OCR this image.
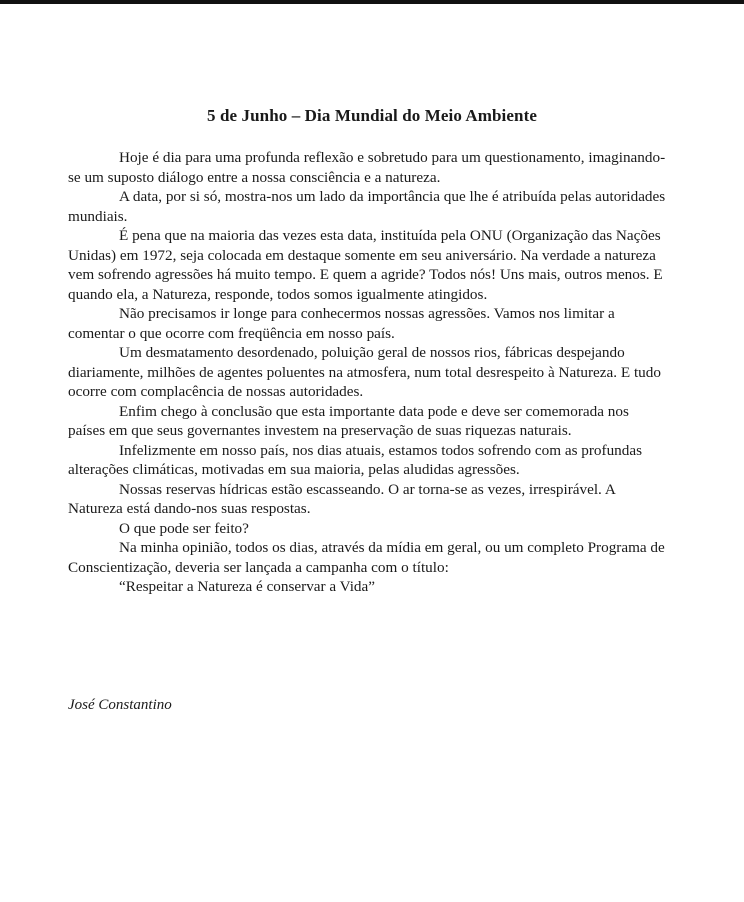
5 de Junho – Dia Mundial do Meio Ambiente

Hoje é dia para uma profunda reflexão e sobretudo para um questionamento, imaginando-se um suposto diálogo entre a nossa consciência e a natureza.

A data, por si só, mostra-nos um lado da importância que lhe é atribuída pelas autoridades mundiais.

É pena que na maioria das vezes esta data, instituída pela ONU (Organização das Nações Unidas) em 1972, seja colocada em destaque somente em seu aniversário. Na verdade a natureza vem sofrendo agressões há muito tempo. E quem a agride? Todos nós! Uns mais, outros menos. E quando ela, a Natureza, responde, todos somos igualmente atingidos.

Não precisamos ir longe para conhecermos nossas agressões. Vamos nos limitar a comentar o que ocorre com freqüência em nosso país.

Um desmatamento desordenado, poluição geral de nossos rios, fábricas despejando diariamente, milhões de agentes poluentes na atmosfera, num total desrespeito à Natureza. E tudo ocorre com complacência de nossas autoridades.

Enfim chego à conclusão que esta importante data pode e deve ser comemorada nos países em que seus governantes investem na preservação de suas riquezas naturais.

Infelizmente em nosso país, nos dias atuais, estamos todos sofrendo com as profundas alterações climáticas, motivadas em sua maioria, pelas aludidas agressões.

Nossas reservas hídricas estão escasseando. O ar torna-se as vezes, irrespirável. A Natureza está dando-nos suas respostas.

O que pode ser feito?

Na minha opinião, todos os dias, através da mídia em geral, ou um completo Programa de Conscientização, deveria ser lançada a campanha com o título:

“Respeitar a Natureza é conservar a Vida”

José Constantino
